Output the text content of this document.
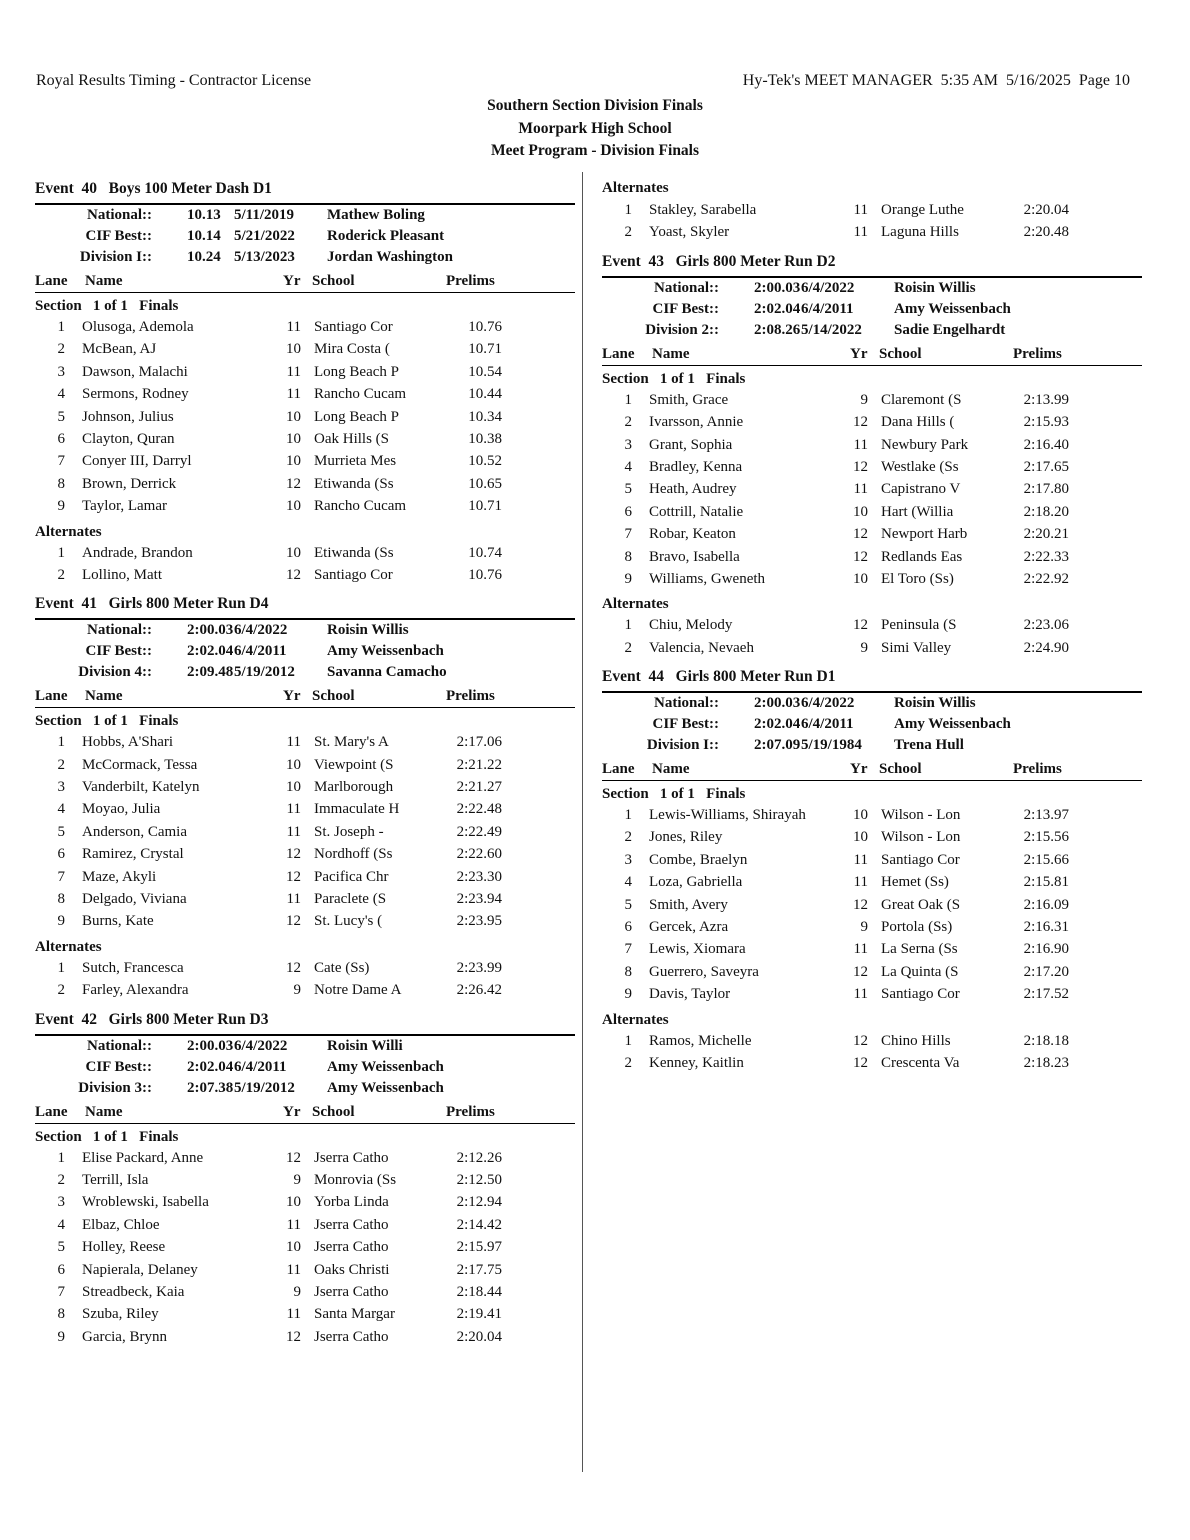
Royal Results Timing - Contractor License	Hy-Tek's MEET MANAGER  5:35 AM  5/16/2025  Page 10
Southern Section Division Finals
Moorpark High School
Meet Program - Division Finals
Event  40   Boys 100 Meter Dash D1
National:: 10.13 5/11/2019 Mathew Boling
CIF Best:: 10.14 5/21/2022 Roderick Pleasant
Division I:: 10.24 5/13/2023 Jordan Washington
Lane Name	Yr School	Prelims
Section   1 of 1   Finals
1 Olusoga, Ademola	11 Santiago Cor	10.76
2 McBean, AJ	10 Mira Costa (	10.71
3 Dawson, Malachi	11 Long Beach P	10.54
4 Sermons, Rodney	11 Rancho Cucam	10.44
5 Johnson, Julius	10 Long Beach P	10.34
6 Clayton, Quran	10 Oak Hills (S	10.38
7 Conyer III, Darryl	10 Murrieta Mes	10.52
8 Brown, Derrick	12 Etiwanda (Ss	10.65
9 Taylor, Lamar	10 Rancho Cucam	10.71
Alternates
1 Andrade, Brandon	10 Etiwanda (Ss	10.74
2 Lollino, Matt	12 Santiago Cor	10.76
Event  41   Girls 800 Meter Run D4
National:: 2:00.03 6/4/2022	Roisin Willis
CIF Best:: 2:02.04 6/4/2011	Amy Weissenbach
Division 4:: 2:09.48 5/19/2012 Savanna Camacho
Lane Name	Yr School	Prelims
Section   1 of 1   Finals
1 Hobbs, A'Shari	11 St. Mary's A	2:17.06
2 McCormack, Tessa	10 Viewpoint (S	2:21.22
3 Vanderbilt, Katelyn	10 Marlborough	2:21.27
4 Moyao, Julia	11 Immaculate H	2:22.48
5 Anderson, Camia	11 St. Joseph -	2:22.49
6 Ramirez, Crystal	12 Nordhoff (Ss	2:22.60
7 Maze, Akyli	12 Pacifica Chr	2:23.30
8 Delgado, Viviana	11 Paraclete (S	2:23.94
9 Burns, Kate	12 St. Lucy's (	2:23.95
Alternates
1 Sutch, Francesca	12 Cate (Ss)	2:23.99
2 Farley, Alexandra	9 Notre Dame A	2:26.42
Event  42   Girls 800 Meter Run D3
National:: 2:00.03 6/4/2022	Roisin Willi
CIF Best:: 2:02.04 6/4/2011	Amy Weissenbach
Division 3:: 2:07.38 5/19/2012 Amy Weissenbach
Lane Name	Yr School	Prelims
Section   1 of 1   Finals
1 Elise Packard, Anne	12 Jserra Catho	2:12.26
2 Terrill, Isla	9 Monrovia (Ss	2:12.50
3 Wroblewski, Isabella	10 Yorba Linda	2:12.94
4 Elbaz, Chloe	11 Jserra Catho	2:14.42
5 Holley, Reese	10 Jserra Catho	2:15.97
6 Napierala, Delaney	11 Oaks Christi	2:17.75
7 Streadbeck, Kaia	9 Jserra Catho	2:18.44
8 Szuba, Riley	11 Santa Margar	2:19.41
9 Garcia, Brynn	12 Jserra Catho	2:20.04
Alternates
1 Stakley, Sarabella	11 Orange Luthe	2:20.04
2 Yoast, Skyler	11 Laguna Hills	2:20.48
Event  43   Girls 800 Meter Run D2
National:: 2:00.03 6/4/2022	Roisin Willis
CIF Best:: 2:02.04 6/4/2011	Amy Weissenbach
Division 2:: 2:08.26 5/14/2022 Sadie Engelhardt
Lane Name	Yr School	Prelims
Section   1 of 1   Finals
1 Smith, Grace	9 Claremont (S	2:13.99
2 Ivarsson, Annie	12 Dana Hills (	2:15.93
3 Grant, Sophia	11 Newbury Park	2:16.40
4 Bradley, Kenna	12 Westlake (Ss	2:17.65
5 Heath, Audrey	11 Capistrano V	2:17.80
6 Cottrill, Natalie	10 Hart (Willia	2:18.20
7 Robar, Keaton	12 Newport Harb	2:20.21
8 Bravo, Isabella	12 Redlands Eas	2:22.33
9 Williams, Gweneth	10 El Toro (Ss)	2:22.92
Alternates
1 Chiu, Melody	12 Peninsula (S	2:23.06
2 Valencia, Nevaeh	9 Simi Valley	2:24.90
Event  44   Girls 800 Meter Run D1
National:: 2:00.03 6/4/2022	Roisin Willis
CIF Best:: 2:02.04 6/4/2011	Amy Weissenbach
Division I:: 2:07.09 5/19/1984 Trena Hull
Lane Name	Yr School	Prelims
Section   1 of 1   Finals
1 Lewis-Williams, Shirayah	10 Wilson - Lon	2:13.97
2 Jones, Riley	10 Wilson - Lon	2:15.56
3 Combe, Braelyn	11 Santiago Cor	2:15.66
4 Loza, Gabriella	11 Hemet (Ss)	2:15.81
5 Smith, Avery	12 Great Oak (S	2:16.09
6 Gercek, Azra	9 Portola (Ss)	2:16.31
7 Lewis, Xiomara	11 La Serna (Ss	2:16.90
8 Guerrero, Saveyra	12 La Quinta (S	2:17.20
9 Davis, Taylor	11 Santiago Cor	2:17.52
Alternates
1 Ramos, Michelle	12 Chino Hills	2:18.18
2 Kenney, Kaitlin	12 Crescenta Va	2:18.23
